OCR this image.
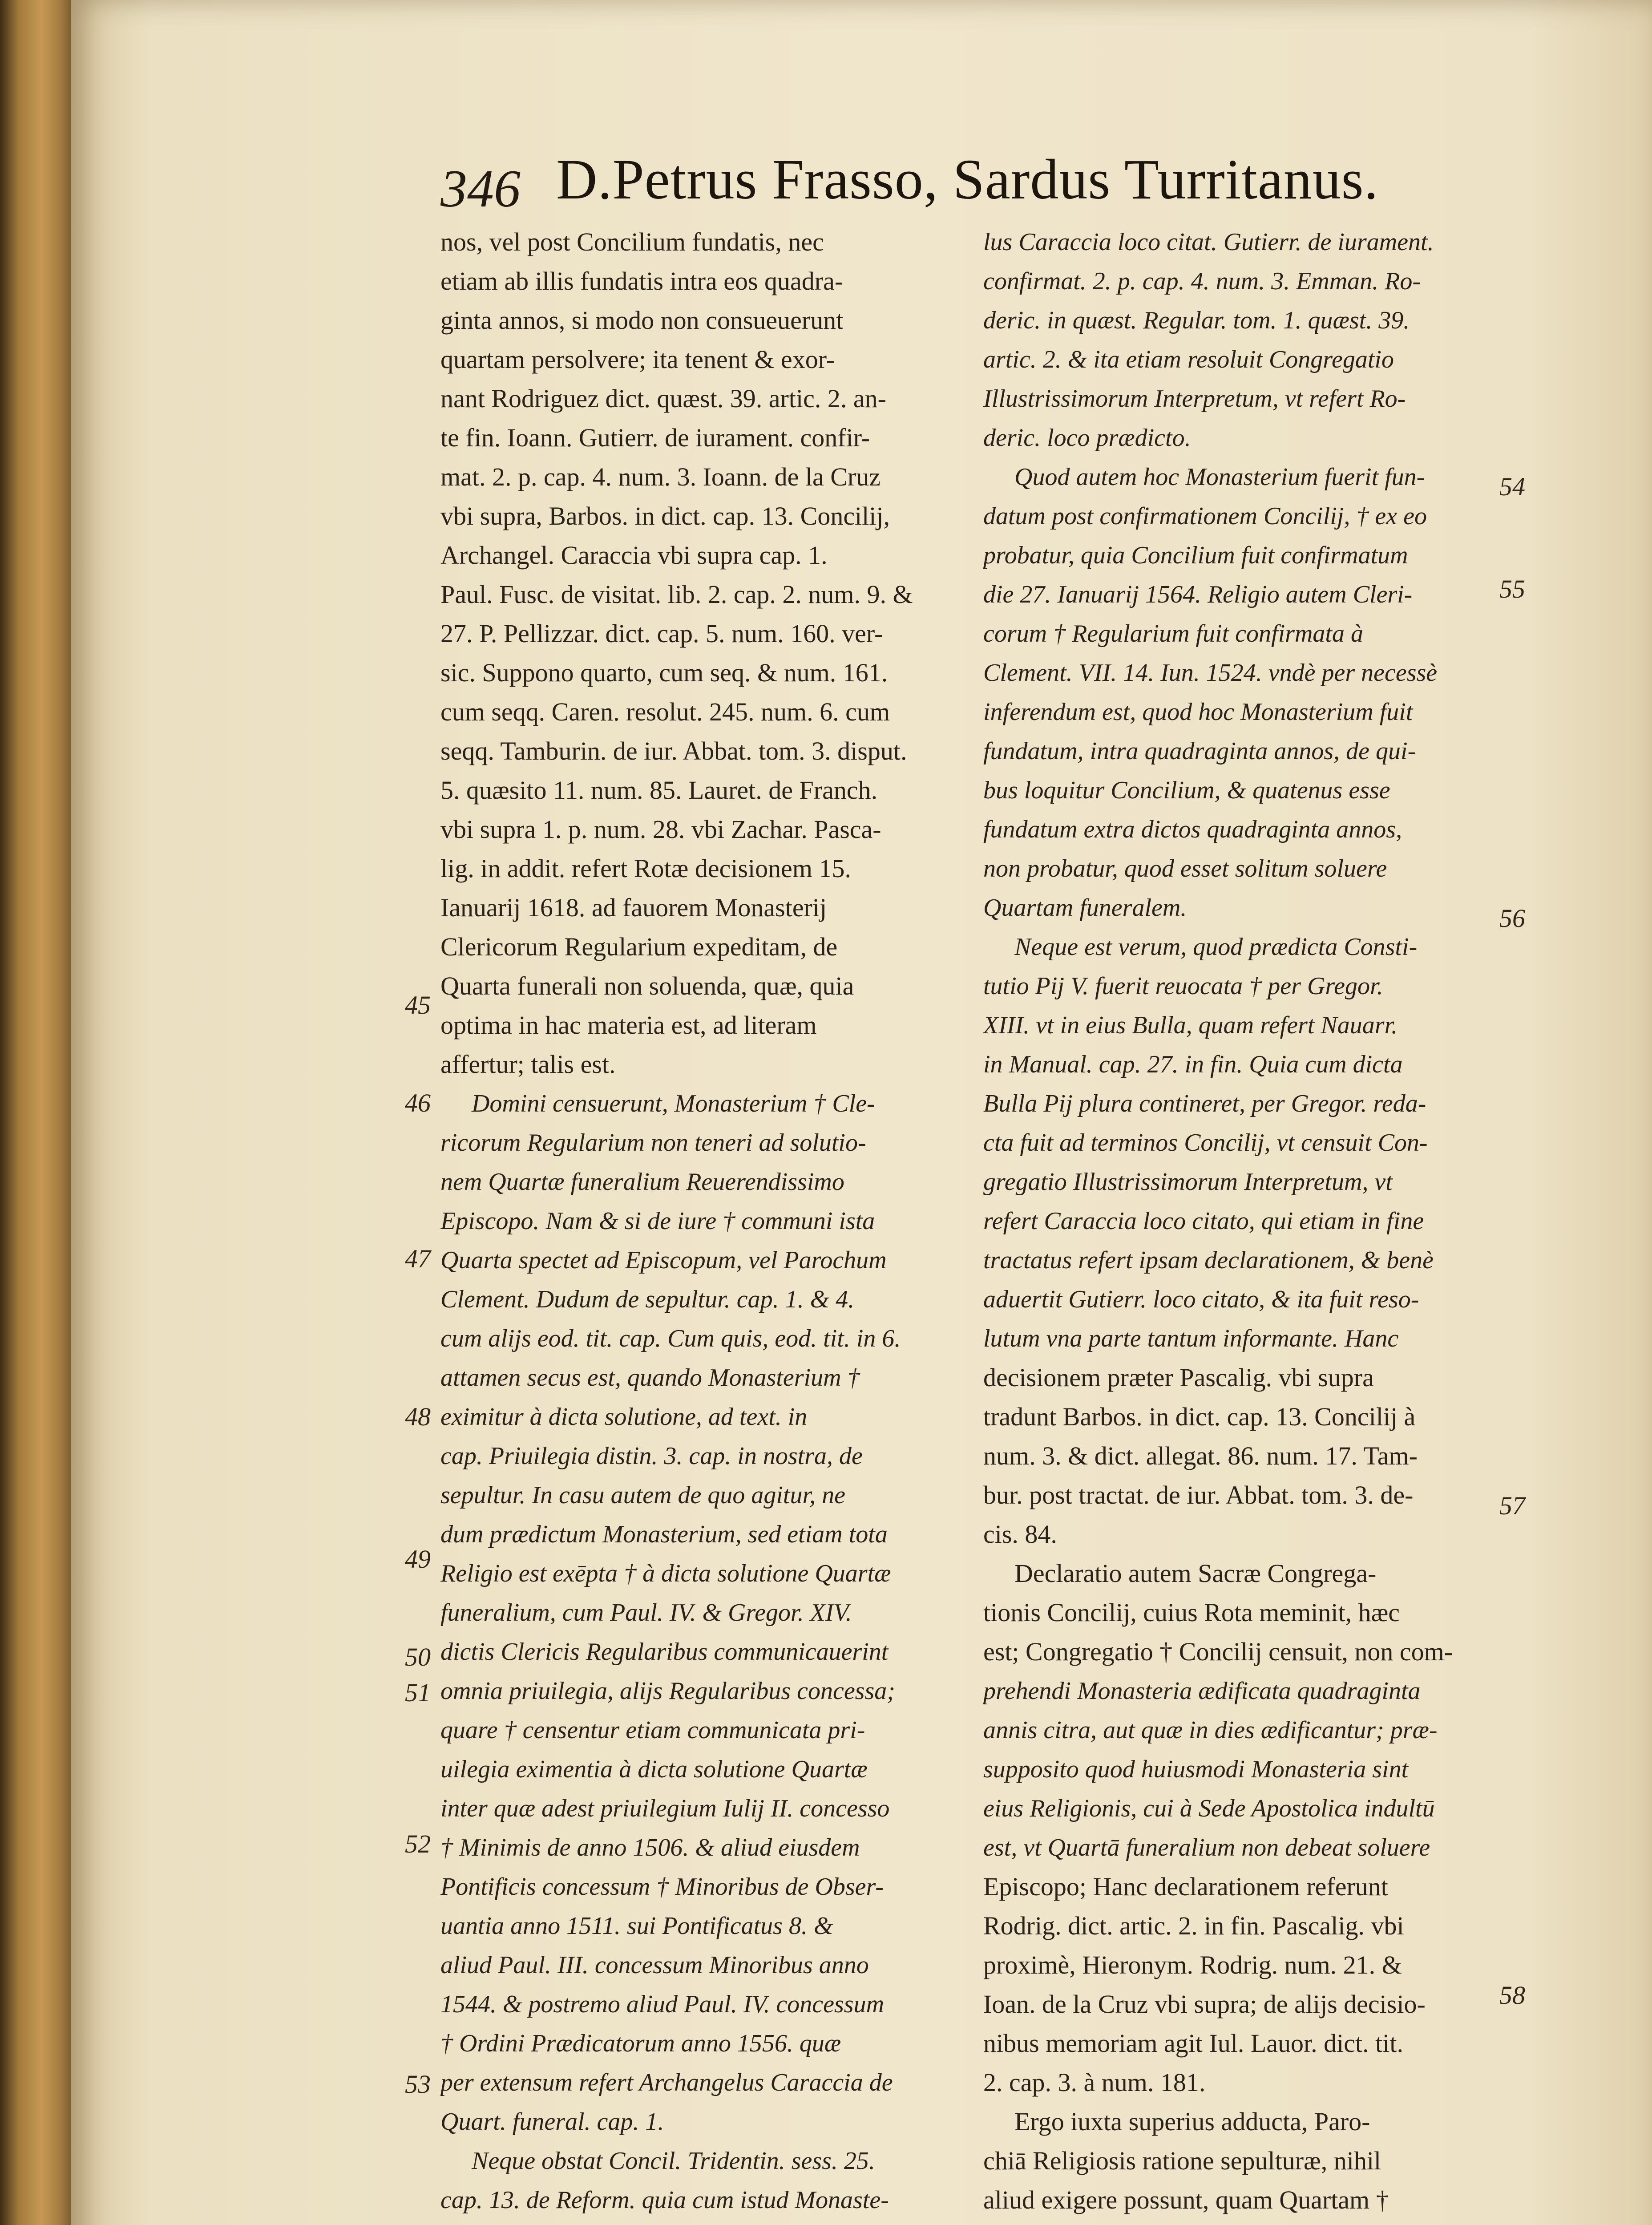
346 D.Petrus Frasso, Sardus Turritanus.
nos, vel post Concilium fundatis, nec
etiam ab illis fundatis intra eos quadra-
ginta annos, si modo non consueuerunt
quartam persolvere; ita tenent & exor-
nant Rodriguez dict. quæst. 39. artic. 2. an-
te fin. Ioann. Gutierr. de iurament. confir-
mat. 2. p. cap. 4. num. 3. Ioann. de la Cruz
vbi supra, Barbos. in dict. cap. 13. Concilij,
Archangel. Caraccia vbi supra cap. 1.
Paul. Fusc. de visitat. lib. 2. cap. 2. num. 9. &
27. P. Pellizzar. dict. cap. 5. num. 160. ver-
sic. Suppono quarto, cum seq. & num. 161.
cum seqq. Caren. resolut. 245. num. 6. cum
seqq. Tamburin. de iur. Abbat. tom. 3. disput.
5. quæsito 11. num. 85. Lauret. de Franch.
vbi supra 1. p. num. 28. vbi Zachar. Pasca-
lig. in addit. refert Rotæ decisionem 15.
Ianuarij 1618. ad fauorem Monasterij
Clericorum Regularium expeditam, de
Quarta funerali non soluenda, quæ, quia
optima in hac materia est, ad literam
affertur; talis est.
Domini censuerunt, Monasterium † Cle-
ricorum Regularium non teneri ad solutio-
nem Quartæ funeralium Reuerendissimo
Episcopo. Nam & si de iure † communi ista
Quarta spectet ad Episcopum, vel Parochum
Clement. Dudum de sepultur. cap. 1. & 4.
cum alijs eod. tit. cap. Cum quis, eod. tit. in 6.
attamen secus est, quando Monasterium †
eximitur à dicta solutione, ad text. in
cap. Priuilegia distin. 3. cap. in nostra, de
sepultur. In casu autem de quo agitur, ne
dum prædictum Monasterium, sed etiam tota
Religio est exēpta † à dicta solutione Quartæ
funeralium, cum Paul. IV. & Gregor. XIV.
dictis Clericis Regularibus communicauerint
omnia priuilegia, alijs Regularibus concessa;
quare † censentur etiam communicata pri-
uilegia eximentia à dicta solutione Quartæ
inter quæ adest priuilegium Iulij II. concesso
† Minimis de anno 1506. & aliud eiusdem
Pontificis concessum † Minoribus de Obser-
uantia anno 1511. sui Pontificatus 8. &
aliud Paul. III. concessum Minoribus anno
1544. & postremo aliud Paul. IV. concessum
† Ordini Prædicatorum anno 1556. quæ
per extensum refert Archangelus Caraccia de
Quart. funeral. cap. 1.
Neque obstat Concil. Tridentin. sess. 25.
cap. 13. de Reform. quia cum istud Monaste-
lus Caraccia loco citat. Gutierr. de iurament.
confirmat. 2. p. cap. 4. num. 3. Emman. Ro-
deric. in quæst. Regular. tom. 1. quæst. 39.
artic. 2. & ita etiam resoluit Congregatio
Illustrissimorum Interpretum, vt refert Ro-
deric. loco prædicto.
Quod autem hoc Monasterium fuerit fun-
datum post confirmationem Concilij, † ex eo
probatur, quia Concilium fuit confirmatum
die 27. Ianuarij 1564. Religio autem Cleri-
corum † Regularium fuit confirmata à
Clement. VII. 14. Iun. 1524. vndè per necessè
inferendum est, quod hoc Monasterium fuit
fundatum, intra quadraginta annos, de qui-
bus loquitur Concilium, & quatenus esse
fundatum extra dictos quadraginta annos,
non probatur, quod esset solitum soluere
Quartam funeralem.
Neque est verum, quod prædicta Consti-
tutio Pij V. fuerit reuocata † per Gregor.
XIII. vt in eius Bulla, quam refert Nauarr.
in Manual. cap. 27. in fin. Quia cum dicta
Bulla Pij plura contineret, per Gregor. reda-
cta fuit ad terminos Concilij, vt censuit Con-
gregatio Illustrissimorum Interpretum, vt
refert Caraccia loco citato, qui etiam in fine
tractatus refert ipsam declarationem, & benè
aduertit Gutierr. loco citato, & ita fuit reso-
lutum vna parte tantum informante. Hanc
decisionem præter Pascalig. vbi supra
tradunt Barbos. in dict. cap. 13. Concilij à
num. 3. & dict. allegat. 86. num. 17. Tam-
bur. post tractat. de iur. Abbat. tom. 3. de-
cis. 84.
Declaratio autem Sacræ Congrega-
tionis Concilij, cuius Rota meminit, hæc
est; Congregatio † Concilij censuit, non com-
prehendi Monasteria ædificata quadraginta
annis citra, aut quæ in dies ædificantur; præ-
supposito quod huiusmodi Monasteria sint
eius Religionis, cui à Sede Apostolica indultū
est, vt Quartā funeralium non debeat soluere
Episcopo; Hanc declarationem referunt
Rodrig. dict. artic. 2. in fin. Pascalig. vbi
proximè, Hieronym. Rodrig. num. 21. &
Ioan. de la Cruz vbi supra; de alijs decisio-
nibus memoriam agit Iul. Lauor. dict. tit.
2. cap. 3. à num. 181.
Ergo iuxta superius adducta, Paro-
chiā Religiosis ratione sepulturæ, nihil
aliud exigere possunt, quam Quartam †
45
46
47
48
49
50
51
52
53
54
55
56
57
58
